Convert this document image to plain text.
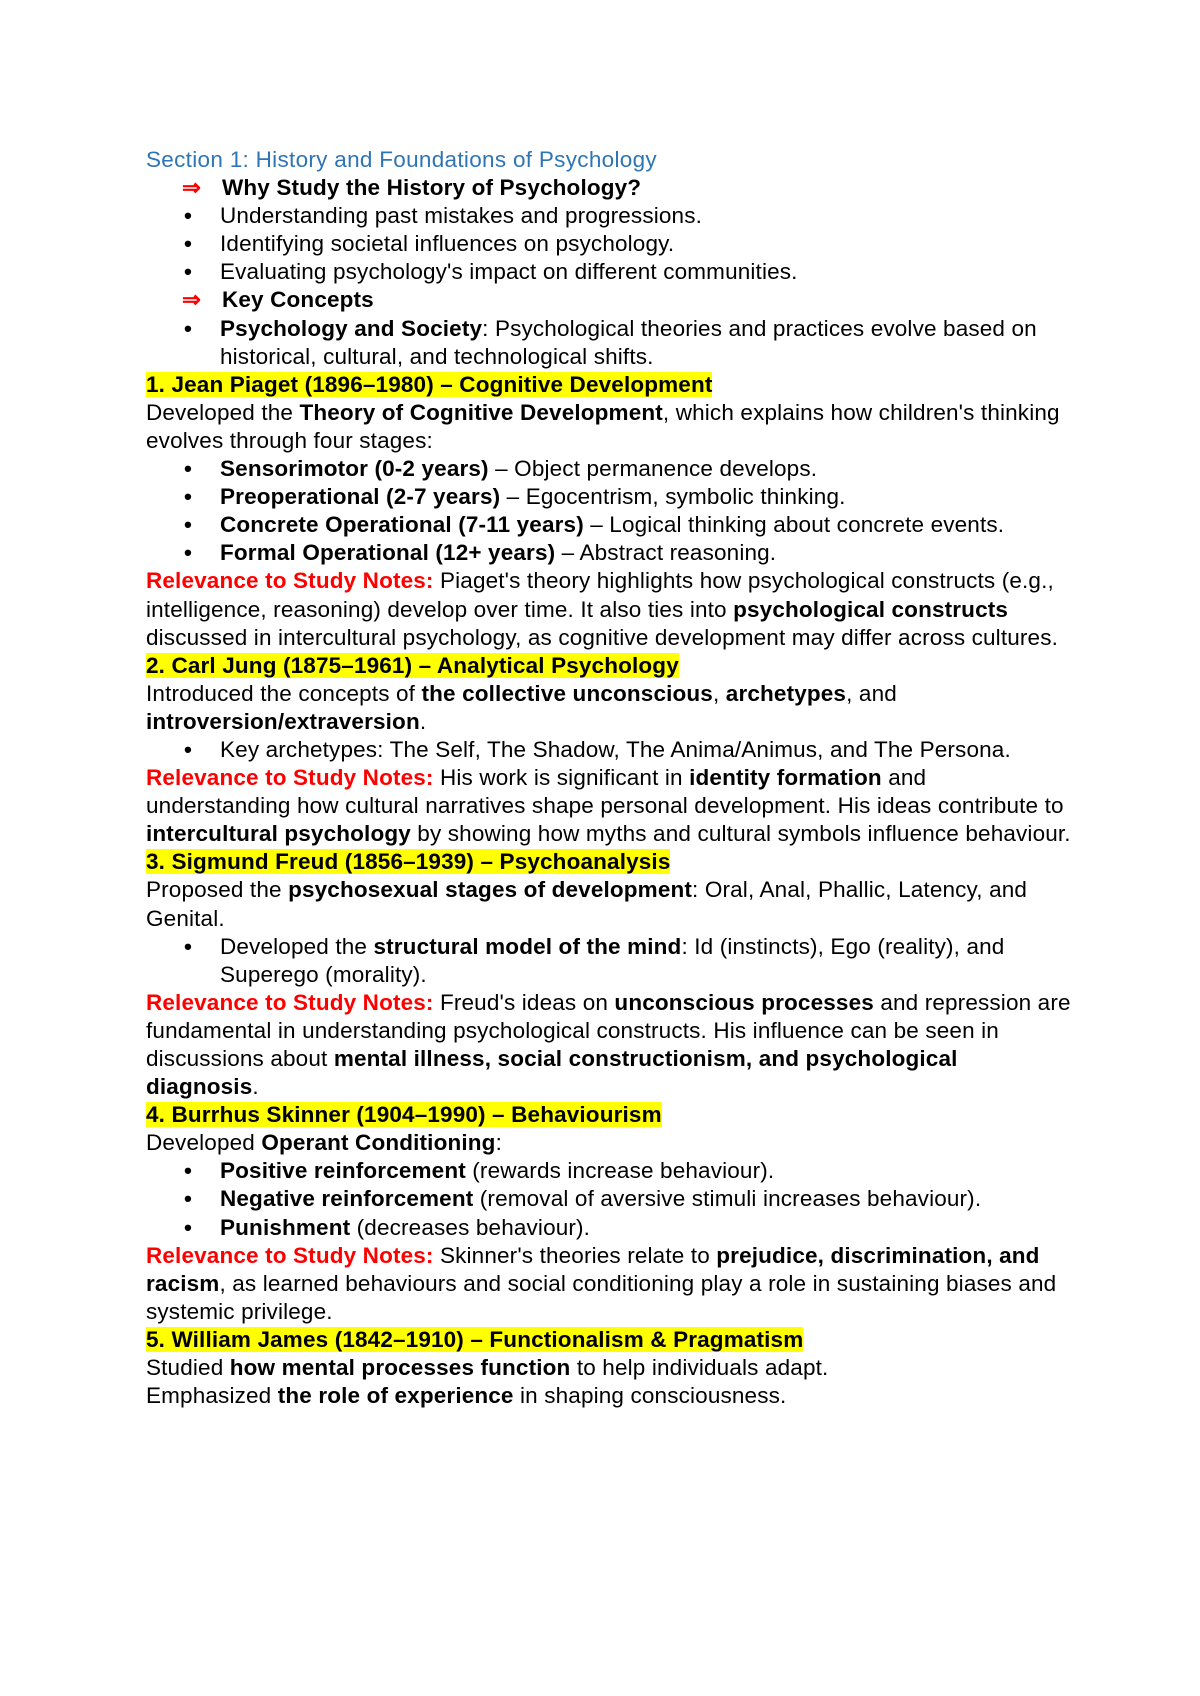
Section 1: History and Foundations of Psychology
⇒ Why Study the History of Psychology?
• Understanding past mistakes and progressions.
• Identifying societal influences on psychology.
• Evaluating psychology's impact on different communities.
⇒ Key Concepts
• Psychology and Society: Psychological theories and practices evolve based on historical, cultural, and technological shifts.
1. Jean Piaget (1896–1980) – Cognitive Development
Developed the Theory of Cognitive Development, which explains how children's thinking evolves through four stages:
• Sensorimotor (0-2 years) – Object permanence develops.
• Preoperational (2-7 years) – Egocentrism, symbolic thinking.
• Concrete Operational (7-11 years) – Logical thinking about concrete events.
• Formal Operational (12+ years) – Abstract reasoning.
Relevance to Study Notes: Piaget's theory highlights how psychological constructs (e.g., intelligence, reasoning) develop over time. It also ties into psychological constructs discussed in intercultural psychology, as cognitive development may differ across cultures.
2. Carl Jung (1875–1961) – Analytical Psychology
Introduced the concepts of the collective unconscious, archetypes, and introversion/extraversion.
• Key archetypes: The Self, The Shadow, The Anima/Animus, and The Persona.
Relevance to Study Notes: His work is significant in identity formation and understanding how cultural narratives shape personal development. His ideas contribute to intercultural psychology by showing how myths and cultural symbols influence behaviour.
3. Sigmund Freud (1856–1939) – Psychoanalysis
Proposed the psychosexual stages of development: Oral, Anal, Phallic, Latency, and Genital.
• Developed the structural model of the mind: Id (instincts), Ego (reality), and Superego (morality).
Relevance to Study Notes: Freud's ideas on unconscious processes and repression are fundamental in understanding psychological constructs. His influence can be seen in discussions about mental illness, social constructionism, and psychological diagnosis.
4. Burrhus Skinner (1904–1990) – Behaviourism
Developed Operant Conditioning:
• Positive reinforcement (rewards increase behaviour).
• Negative reinforcement (removal of aversive stimuli increases behaviour).
• Punishment (decreases behaviour).
Relevance to Study Notes: Skinner's theories relate to prejudice, discrimination, and racism, as learned behaviours and social conditioning play a role in sustaining biases and systemic privilege.
5. William James (1842–1910) – Functionalism & Pragmatism
Studied how mental processes function to help individuals adapt.
Emphasized the role of experience in shaping consciousness.
